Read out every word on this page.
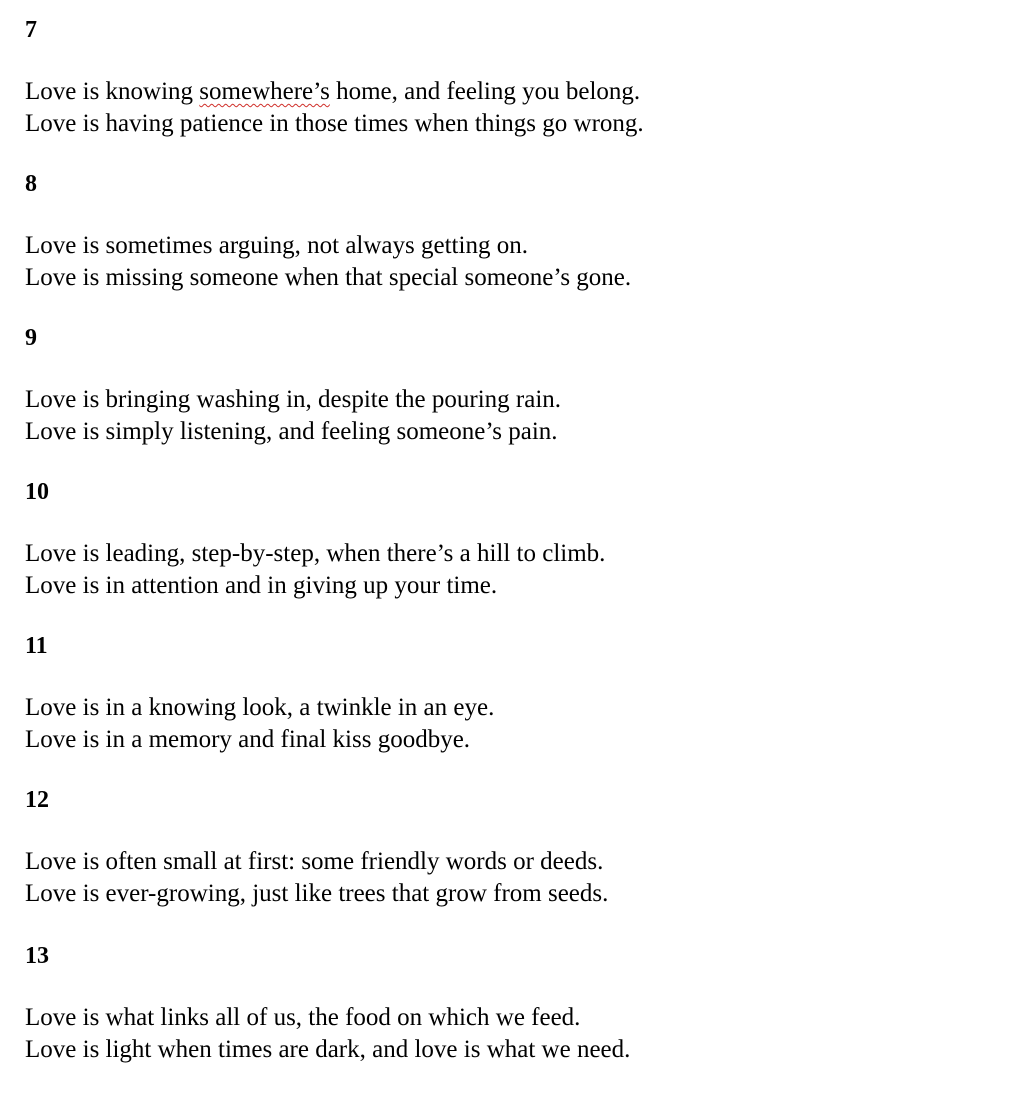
7
Love is knowing somewhere’s home, and feeling you belong.
Love is having patience in those times when things go wrong.
8
Love is sometimes arguing, not always getting on.
Love is missing someone when that special someone’s gone.
9
Love is bringing washing in, despite the pouring rain.
Love is simply listening, and feeling someone’s pain.
10
Love is leading, step-by-step, when there’s a hill to climb.
Love is in attention and in giving up your time.
11
Love is in a knowing look, a twinkle in an eye.
Love is in a memory and final kiss goodbye.
12
Love is often small at first: some friendly words or deeds.
Love is ever-growing, just like trees that grow from seeds.
13
Love is what links all of us, the food on which we feed.
Love is light when times are dark, and love is what we need.
